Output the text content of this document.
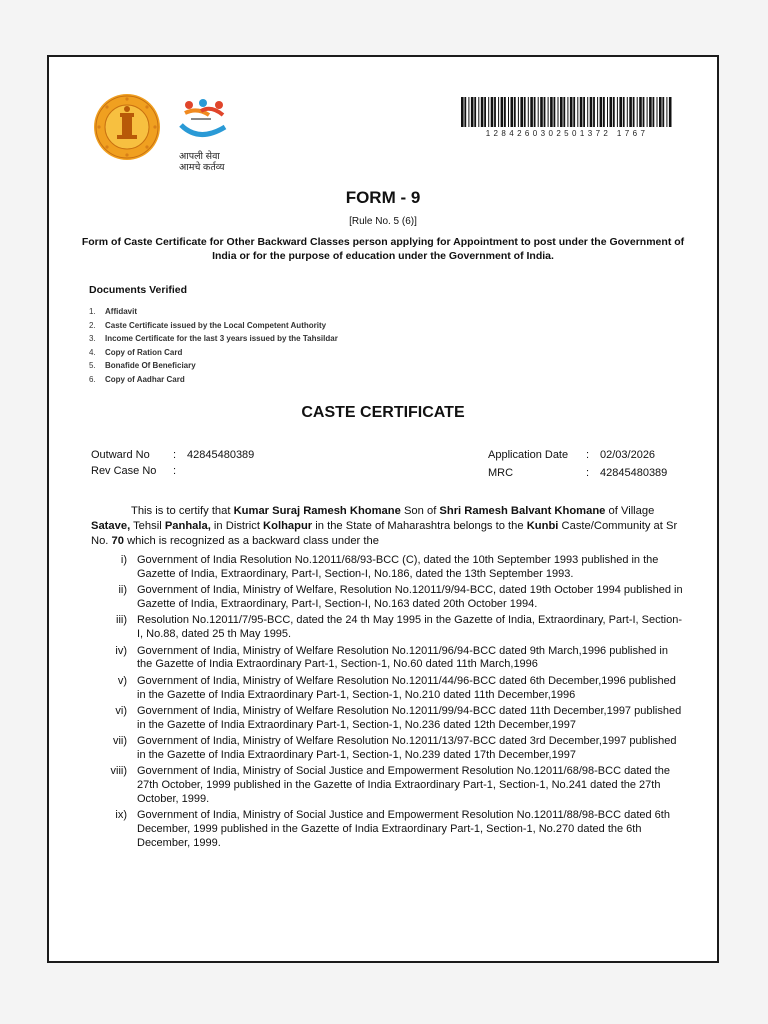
आपली सेवा
आमचे कर्तव्य
1284260302501372 1767
FORM - 9
[Rule No. 5 (6)]
Form of Caste Certificate for Other Backward Classes person applying for Appointment to post under the Government of India or for the purpose of education under the Government of India.
Documents Verified
1. Affidavit
2. Caste Certificate issued by the Local Competent Authority
3. Income Certificate for the last 3 years issued by the Tahsildar
4. Copy of Ration Card
5. Bonafide Of Beneficiary
6. Copy of Aadhar Card
CASTE CERTIFICATE
Outward No : 42845480389
Rev Case No :
Application Date : 02/03/2026
MRC	: 42845480389
This is to certify that Kumar Suraj Ramesh Khomane Son of Shri Ramesh Balvant Khomane of Village Satave, Tehsil Panhala, in District Kolhapur in the State of Maharashtra belongs to the Kunbi Caste/Community at Sr No. 70 which is recognized as a backward class under the
i) Government of India Resolution No.12011/68/93-BCC (C), dated the 10th September 1993 published in the Gazette of India, Extraordinary, Part-I, Section-I, No.186, dated the 13th September 1993.
ii) Government of India, Ministry of Welfare, Resolution No.12011/9/94-BCC, dated 19th October 1994 published in Gazette of India, Extraordinary, Part-I, Section-I, No.163 dated 20th October 1994.
iii) Resolution No.12011/7/95-BCC, dated the 24 th May 1995 in the Gazette of India, Extraordinary, Part-I, Section-I, No.88, dated 25 th May 1995.
iv) Government of India, Ministry of Welfare Resolution No.12011/96/94-BCC dated 9th March,1996 published in the Gazette of India Extraordinary Part-1, Section-1, No.60 dated 11th March,1996
v) Government of India, Ministry of Welfare Resolution No.12011/44/96-BCC dated 6th December,1996 published in the Gazette of India Extraordinary Part-1, Section-1, No.210 dated 11th December,1996
vi) Government of India, Ministry of Welfare Resolution No.12011/99/94-BCC dated 11th December,1997 published in the Gazette of India Extraordinary Part-1, Section-1, No.236 dated 12th December,1997
vii) Government of India, Ministry of Welfare Resolution No.12011/13/97-BCC dated 3rd December,1997 published in the Gazette of India Extraordinary Part-1, Section-1, No.239 dated 17th December,1997
viii) Government of India, Ministry of Social Justice and Empowerment Resolution No.12011/68/98-BCC dated the 27th October, 1999 published in the Gazette of India Extraordinary Part-1, Section-1, No.241 dated the 27th October, 1999.
ix) Government of India, Ministry of Social Justice and Empowerment Resolution No.12011/88/98-BCC dated 6th December, 1999 published in the Gazette of India Extraordinary Part-1, Section-1, No.270 dated the 6th December, 1999.
